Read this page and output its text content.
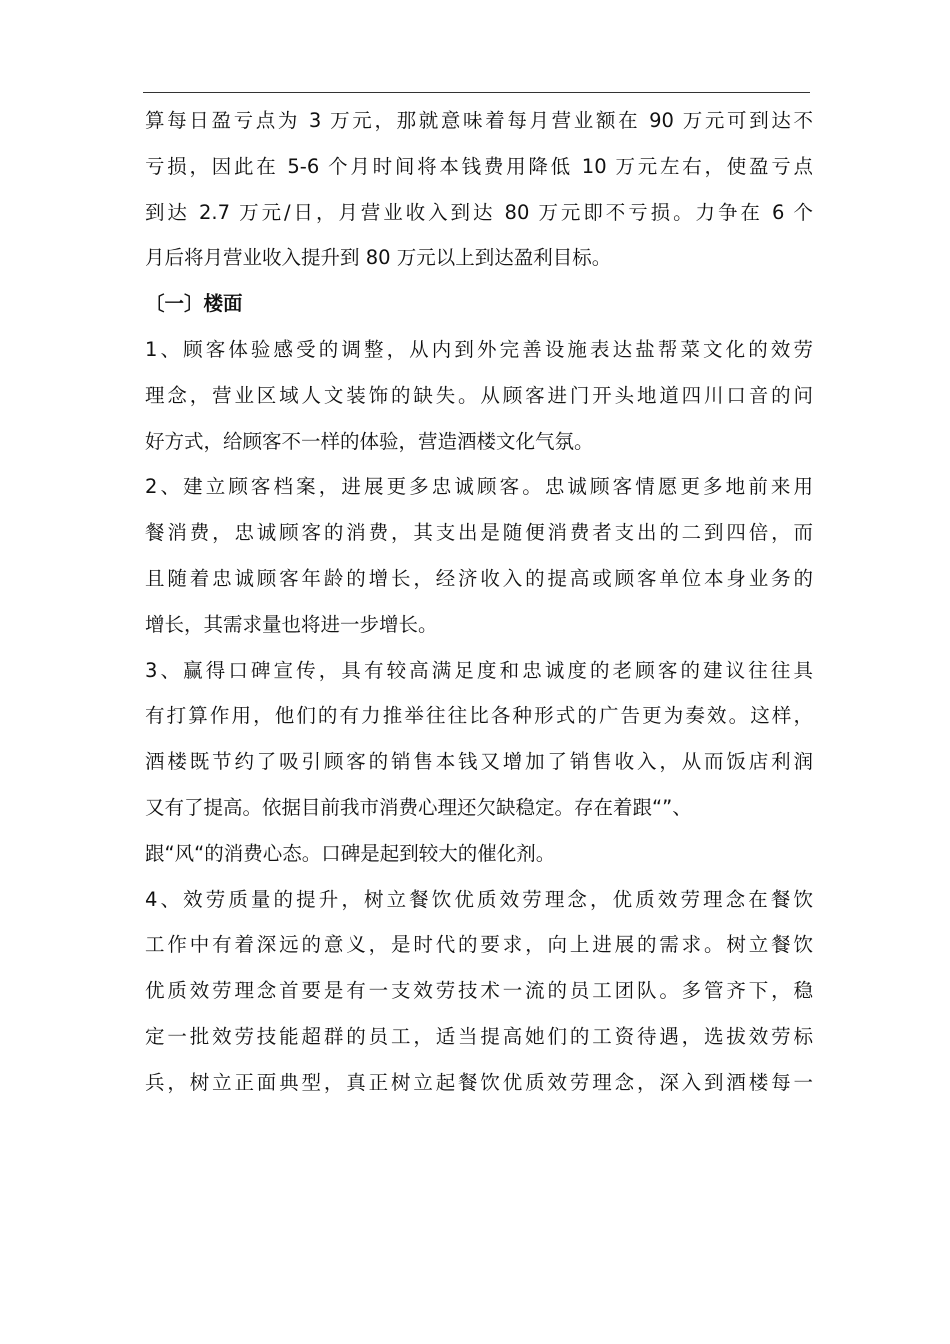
算每日盈亏点为 3 万元，那就意味着每月营业额在 90 万元可到达不
亏损，因此在 5-6 个月时间将本钱费用降低 10 万元左右，使盈亏点
到达 2.7 万元/日，月营业收入到达 80 万元即不亏损。力争在 6 个
月后将月营业收入提升到 80 万元以上到达盈利目标。
〔一〕楼面
1、顾客体验感受的调整，从内到外完善设施表达盐帮菜文化的效劳
理念，营业区域人文装饰的缺失。从顾客进门开头地道四川口音的问
好方式，给顾客不一样的体验，营造酒楼文化气氛。
2、建立顾客档案，进展更多忠诚顾客。忠诚顾客情愿更多地前来用
餐消费，忠诚顾客的消费，其支出是随便消费者支出的二到四倍，而
且随着忠诚顾客年龄的增长，经济收入的提高或顾客单位本身业务的
增长，其需求量也将进一步增长。
3、赢得口碑宣传，具有较高满足度和忠诚度的老顾客的建议往往具
有打算作用，他们的有力推举往往比各种形式的广告更为奏效。这样，
酒楼既节约了吸引顾客的销售本钱又增加了销售收入，从而饭店利润
又有了提高。依据目前我市消费心理还欠缺稳定。存在着跟“”、
跟“风“的消费心态。口碑是起到较大的催化剂。
4、效劳质量的提升，树立餐饮优质效劳理念，优质效劳理念在餐饮
工作中有着深远的意义，是时代的要求，向上进展的需求。树立餐饮
优质效劳理念首要是有一支效劳技术一流的员工团队。多管齐下，稳
定一批效劳技能超群的员工，适当提高她们的工资待遇，选拔效劳标
兵，树立正面典型，真正树立起餐饮优质效劳理念，深入到酒楼每一
